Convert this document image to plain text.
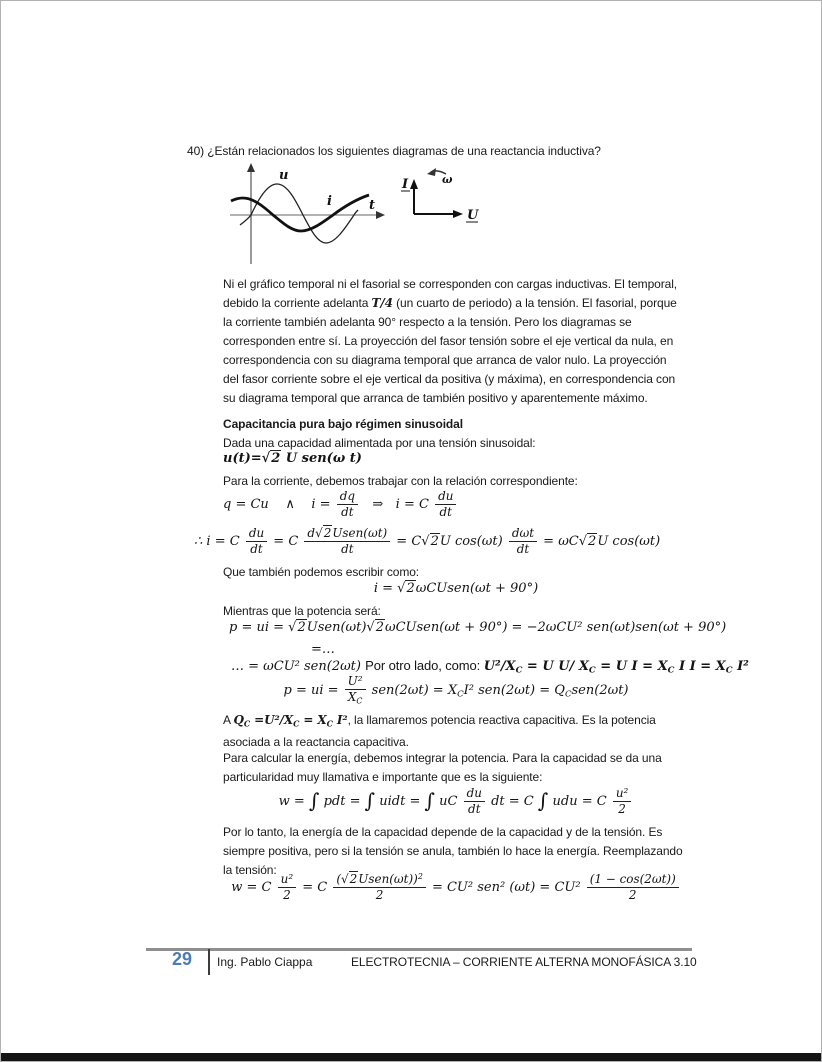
40) ¿Están relacionados los siguientes diagramas de una reactancia inductiva?
u
i	t
I
U
ω
Ni el gráfico temporal ni el fasorial se corresponden con cargas inductivas. El temporal,
debido la corriente adelanta T/4 (un cuarto de periodo) a la tensión. El fasorial, porque
la corriente también adelanta 90° respecto a la tensión. Pero los diagramas se
corresponden entre sí. La proyección del fasor tensión sobre el eje vertical da nula, en
correspondencia con su diagrama temporal que arranca de valor nulo. La proyección
del fasor corriente sobre el eje vertical da positiva (y máxima), en correspondencia con
su diagrama temporal que arranca de también positivo y aparentemente máximo.
Capacitancia pura bajo régimen sinusoidal
Dada una capacidad alimentada por una tensión sinusoidal:
u(t)=√2 U sen(ω t)
Para la corriente, debemos trabajar con la relación correspondiente:
q = Cu    ∧    $i = \frac{dq}{dt}$ ⇒   i = C $\frac{du}{dt}$
∴ i = C $\frac{du}{dt} = C \frac{\text{d√2Usen(ωt)}}{dt} = C√2U$ $\cos(\omega t) \frac{\text{dωt}}{dt} = \omega C√2U$ cos(ωt)
Que también podemos escribir como:
i = √2ωCUsen(ωt + 90°)
Mientras que la potencia será:
p = ui = √2Usen(ωt)√2ωCUsen(ωt + 90°) = −2ωCU² sen(ωt)sen(ωt + 90°)
=…
… = ωCU² sen(2ωt) Por otro lado, como: $U^2/X_C = U$ U/ $X_C = U$ $I = X_C$ I $I = X_C$ I²
p = ui = $\frac{\text{U²}}{X_C} sen(2\omega t) = X_CI^2$ $sen(2\omega t) = Q_Csen(2\omega t)$
A $Q_C =U^2/X_C = X_C$ I², la llamaremos potencia reactiva capacitiva. Es la potencia
asociada a la reactancia capacitiva.
Para calcular la energía, debemos integrar la potencia. Para la capacidad se da una
particularidad muy llamativa e importante que es la siguiente:
w = ∫ pdt = ∫ uidt = ∫ uC $\frac{du}{dt}$ dt = C ∫ udu = C $\frac{\text{u²}}{2}$
Por lo tanto, la energía de la capacidad depende de la capacidad y de la tensión. Es
siempre positiva, pero si la tensión se anula, también lo hace la energía. Reemplazando
la tensión:
w = C $\frac{\text{u²}}{2} = C \frac{(√2Usen(\omega t))^2}{2} = CU^2$ sen² $(\omega t) = CU^2 \frac{(1 - \cos(2\omega t))}{2}$
29 Ing. Pablo Ciappa	ELECTROTECNIA – CORRIENTE ALTERNA MONOFÁSICA 3.10
